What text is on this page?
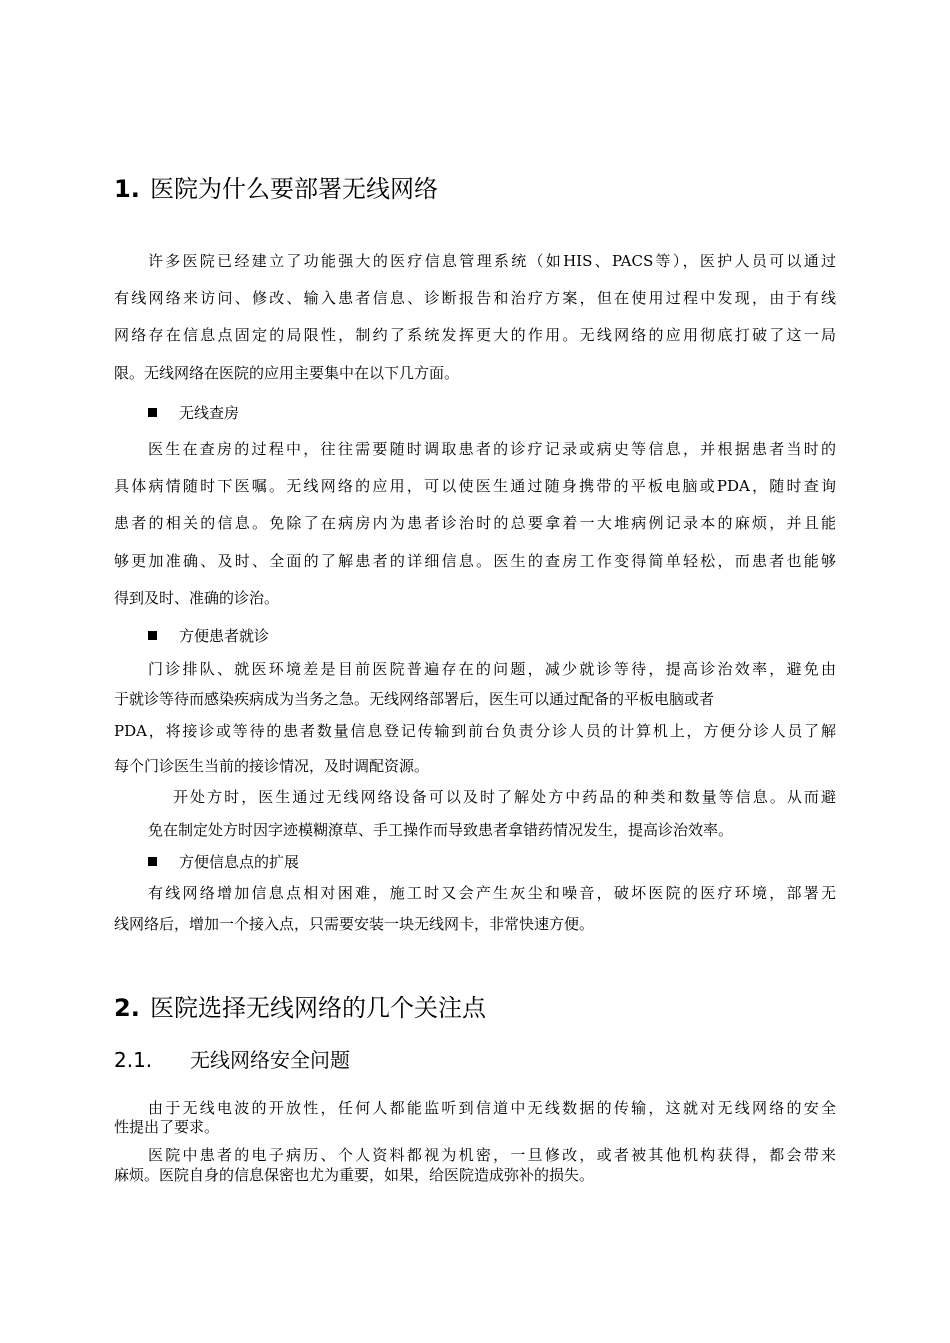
1. 医院为什么要部署无线网络
许多医院已经建立了功能强大的医疗信息管理系统（如HIS、PACS等），医护人员可以通过
有线网络来访问、修改、输入患者信息、诊断报告和治疗方案，但在使用过程中发现，由于有线
网络存在信息点固定的局限性，制约了系统发挥更大的作用。无线网络的应用彻底打破了这一局
限。无线网络在医院的应用主要集中在以下几方面。
无线查房
医生在查房的过程中，往往需要随时调取患者的诊疗记录或病史等信息，并根据患者当时的
具体病情随时下医嘱。无线网络的应用，可以使医生通过随身携带的平板电脑或PDA，随时查询
患者的相关的信息。免除了在病房内为患者诊治时的总要拿着一大堆病例记录本的麻烦，并且能
够更加准确、及时、全面的了解患者的详细信息。医生的查房工作变得简单轻松，而患者也能够
得到及时、准确的诊治。
方便患者就诊
门诊排队、就医环境差是目前医院普遍存在的问题，减少就诊等待，提高诊治效率，避免由
于就诊等待而感染疾病成为当务之急。无线网络部署后，医生可以通过配备的平板电脑或者
PDA，将接诊或等待的患者数量信息登记传输到前台负责分诊人员的计算机上，方便分诊人员了解
每个门诊医生当前的接诊情况，及时调配资源。
开处方时，医生通过无线网络设备可以及时了解处方中药品的种类和数量等信息。从而避
免在制定处方时因字迹模糊潦草、手工操作而导致患者拿错药情况发生，提高诊治效率。
方便信息点的扩展
有线网络增加信息点相对困难，施工时又会产生灰尘和噪音，破坏医院的医疗环境，部署无
线网络后，增加一个接入点，只需要安装一块无线网卡，非常快速方便。
2. 医院选择无线网络的几个关注点
2.1. 无线网络安全问题
由于无线电波的开放性，任何人都能监听到信道中无线数据的传输，这就对无线网络的安全
性提出了要求。
医院中患者的电子病历、个人资料都视为机密，一旦修改，或者被其他机构获得，都会带来
麻烦。医院自身的信息保密也尤为重要，如果，给医院造成弥补的损失。
